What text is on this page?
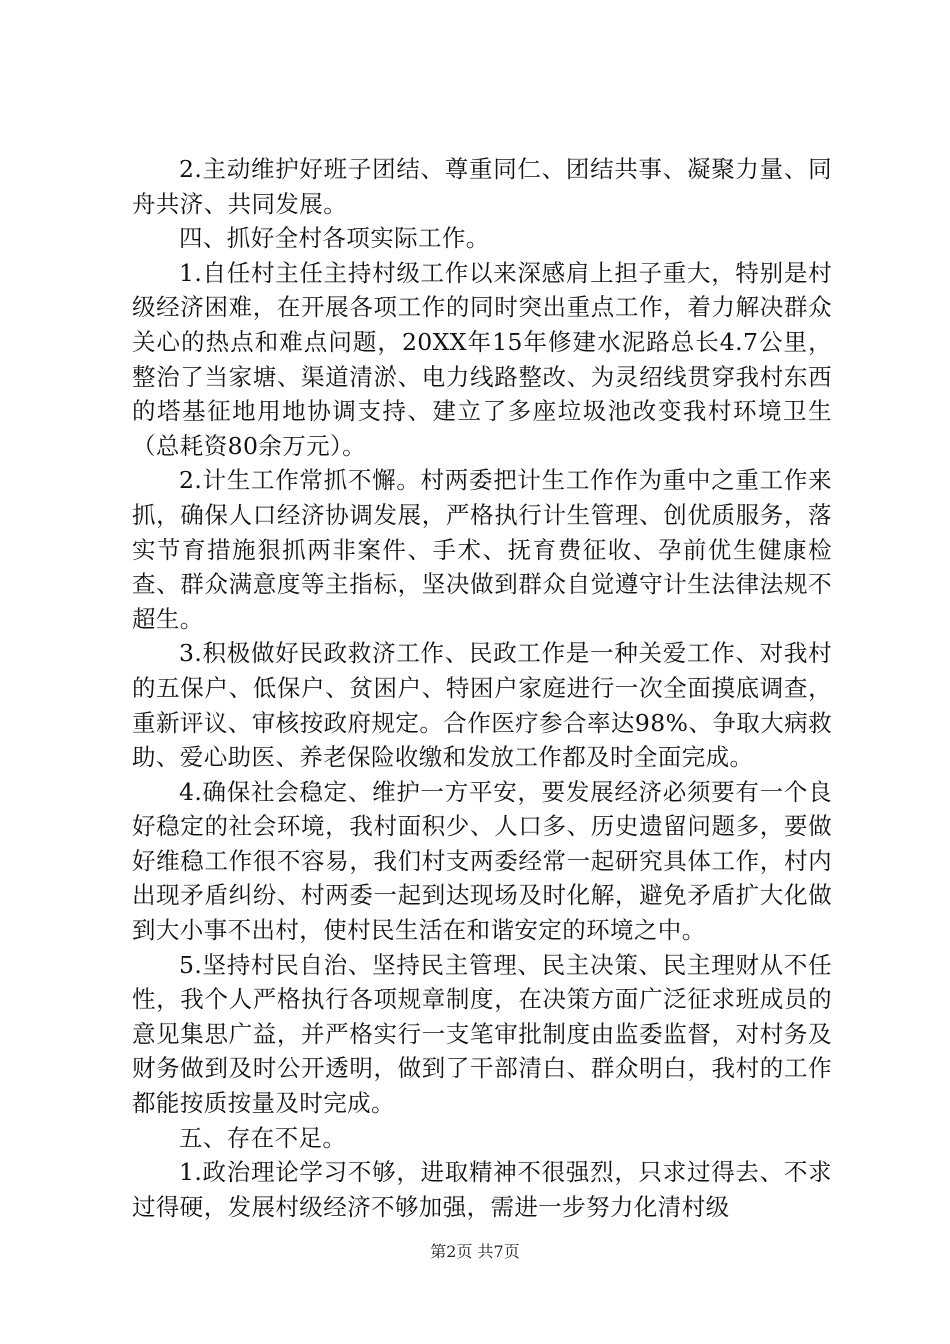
2.主动维护好班子团结、尊重同仁、团结共事、凝聚力量、同舟共济、共同发展。

四、抓好全村各项实际工作。

1.自任村主任主持村级工作以来深感肩上担子重大，特别是村级经济困难，在开展各项工作的同时突出重点工作，着力解决群众关心的热点和难点问题，20XX年15年修建水泥路总长4.7公里，整治了当家塘、渠道清淤、电力线路整改、为灵绍线贯穿我村东西的塔基征地用地协调支持、建立了多座垃圾池改变我村环境卫生（总耗资80余万元）。

2.计生工作常抓不懈。村两委把计生工作作为重中之重工作来抓，确保人口经济协调发展，严格执行计生管理、创优质服务，落实节育措施狠抓两非案件、手术、抚育费征收、孕前优生健康检查、群众满意度等主指标，坚决做到群众自觉遵守计生法律法规不超生。

3.积极做好民政救济工作、民政工作是一种关爱工作、对我村的五保户、低保户、贫困户、特困户家庭进行一次全面摸底调查，重新评议、审核按政府规定。合作医疗参合率达98%、争取大病救助、爱心助医、养老保险收缴和发放工作都及时全面完成。

4.确保社会稳定、维护一方平安，要发展经济必须要有一个良好稳定的社会环境，我村面积少、人口多、历史遗留问题多，要做好维稳工作很不容易，我们村支两委经常一起研究具体工作，村内出现矛盾纠纷、村两委一起到达现场及时化解，避免矛盾扩大化做到大小事不出村，使村民生活在和谐安定的环境之中。

5.坚持村民自治、坚持民主管理、民主决策、民主理财从不任性，我个人严格执行各项规章制度，在决策方面广泛征求班成员的意见集思广益，并严格实行一支笔审批制度由监委监督，对村务及财务做到及时公开透明，做到了干部清白、群众明白，我村的工作都能按质按量及时完成。

五、存在不足。

1.政治理论学习不够，进取精神不很强烈，只求过得去、不求过得硬，发展村级经济不够加强，需进一步努力化清村级

第2页 共7页
